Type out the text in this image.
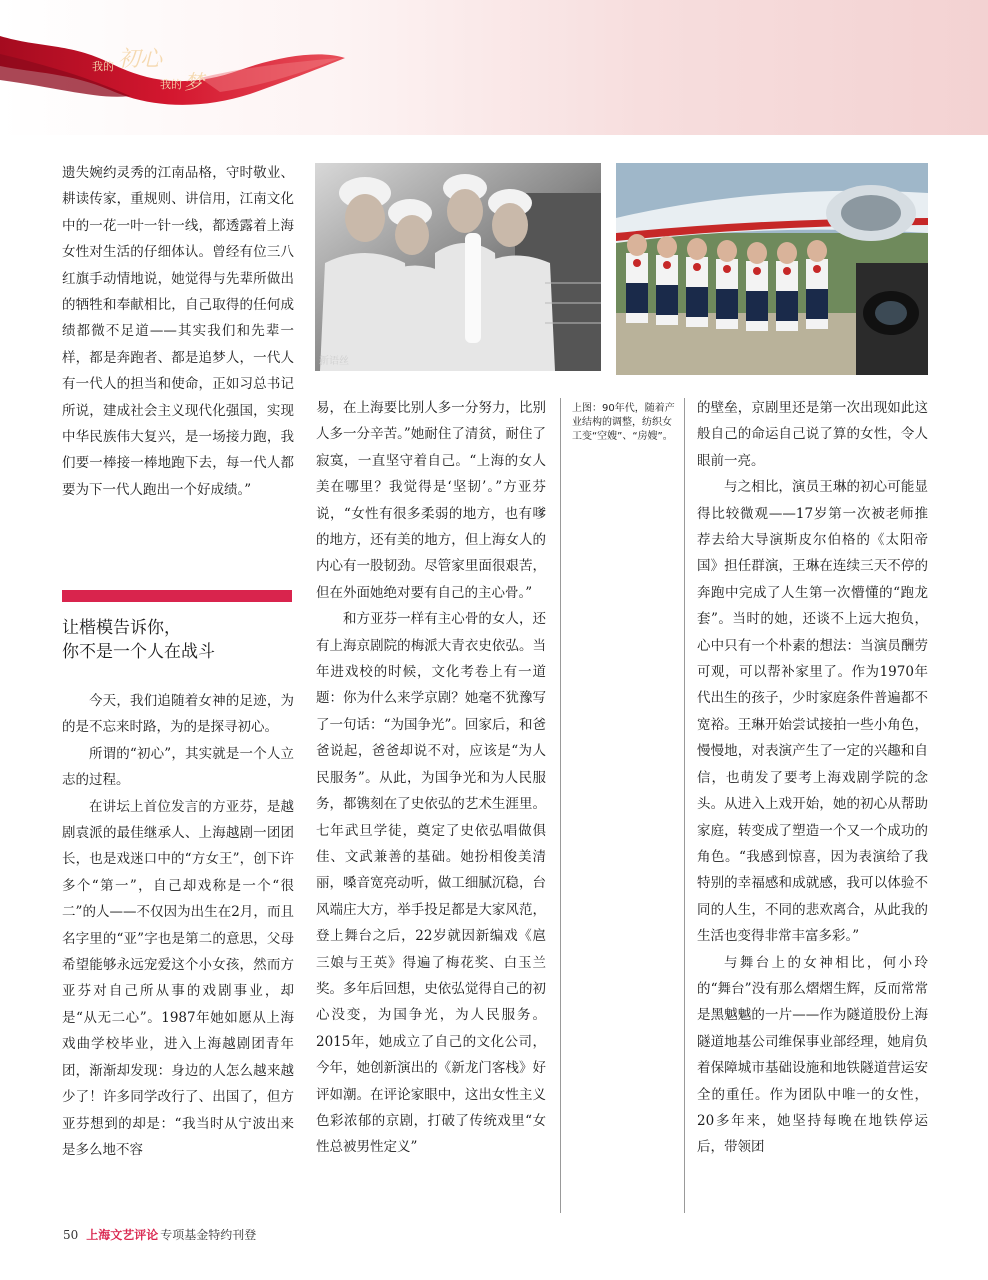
我的 初心
我的 梦

遗失婉约灵秀的江南品格，守时敬业、耕读传家，重规则、讲信用，江南文化中的一花一叶一针一线，都透露着上海女性对生活的仔细体认。曾经有位三八红旗手动情地说，她觉得与先辈所做出的牺牲和奉献相比，自己取得的任何成绩都微不足道——其实我们和先辈一样，都是奔跑者、都是追梦人，一代人有一代人的担当和使命，正如习总书记所说，建成社会主义现代化强国，实现中华民族伟大复兴，是一场接力跑，我们要一棒接一棒地跑下去，每一代人都要为下一代人跑出一个好成绩。”

让楷模告诉你，
你不是一个人在战斗

今天，我们追随着女神的足迹，为的是不忘来时路，为的是探寻初心。

所谓的“初心”，其实就是一个人立志的过程。

在讲坛上首位发言的方亚芬，是越剧袁派的最佳继承人、上海越剧一团团长，也是戏迷口中的“方女王”，创下许多个“第一”，自己却戏称是一个“很二”的人——不仅因为出生在2月，而且名字里的“亚”字也是第二的意思，父母希望能够永远宠爱这个小女孩，然而方亚芬对自己所从事的戏剧事业，却是“从无二心”。1987年她如愿从上海戏曲学校毕业，进入上海越剧团青年团，渐渐却发现：身边的人怎么越来越少了！许多同学改行了、出国了，但方亚芬想到的却是：“我当时从宁波出来是多么地不容

新语丝

易，在上海要比别人多一分努力，比别人多一分辛苦。”她耐住了清贫，耐住了寂寞，一直坚守着自己。“上海的女人美在哪里？我觉得是‘坚韧’。”方亚芬说，“女性有很多柔弱的地方，也有嗲的地方，还有美的地方，但上海女人的内心有一股韧劲。尽管家里面很艰苦，但在外面她绝对要有自己的主心骨。”

和方亚芬一样有主心骨的女人，还有上海京剧院的梅派大青衣史依弘。当年进戏校的时候，文化考卷上有一道题：你为什么来学京剧？她毫不犹豫写了一句话：“为国争光”。回家后，和爸爸说起，爸爸却说不对，应该是“为人民服务”。从此，为国争光和为人民服务，都镌刻在了史依弘的艺术生涯里。七年武旦学徒，奠定了史依弘唱做俱佳、文武兼善的基础。她扮相俊美清丽，嗓音宽亮动听，做工细腻沉稳，台风端庄大方，举手投足都是大家风范，登上舞台之后，22岁就因新编戏《扈三娘与王英》得遍了梅花奖、白玉兰奖。多年后回想，史依弘觉得自己的初心没变，为国争光，为人民服务。2015年，她成立了自己的文化公司，今年，她创新演出的《新龙门客栈》好评如潮。在评论家眼中，这出女性主义色彩浓郁的京剧，打破了传统戏里“女性总被男性定义”

上图：90年代，随着产业结构的调整，纺织女工变“空嫂”、“房嫂”。

的壁垒，京剧里还是第一次出现如此这般自己的命运自己说了算的女性，令人眼前一亮。

与之相比，演员王琳的初心可能显得比较微观——17岁第一次被老师推荐去给大导演斯皮尔伯格的《太阳帝国》担任群演，王琳在连续三天不停的奔跑中完成了人生第一次懵懂的“跑龙套”。当时的她，还谈不上远大抱负，心中只有一个朴素的想法：当演员酬劳可观，可以帮补家里了。作为1970年代出生的孩子，少时家庭条件普遍都不宽裕。王琳开始尝试接拍一些小角色，慢慢地，对表演产生了一定的兴趣和自信，也萌发了要考上海戏剧学院的念头。从进入上戏开始，她的初心从帮助家庭，转变成了塑造一个又一个成功的角色。“我感到惊喜，因为表演给了我特别的幸福感和成就感，我可以体验不同的人生，不同的悲欢离合，从此我的生活也变得非常丰富多彩。”

与舞台上的女神相比，何小玲的“舞台”没有那么熠熠生辉，反而常常是黑魆魆的一片——作为隧道股份上海隧道地基公司维保事业部经理，她肩负着保障城市基础设施和地铁隧道营运安全的重任。作为团队中唯一的女性，20多年来，她坚持每晚在地铁停运后，带领团

50 上海文艺评论 专项基金特约刊登
